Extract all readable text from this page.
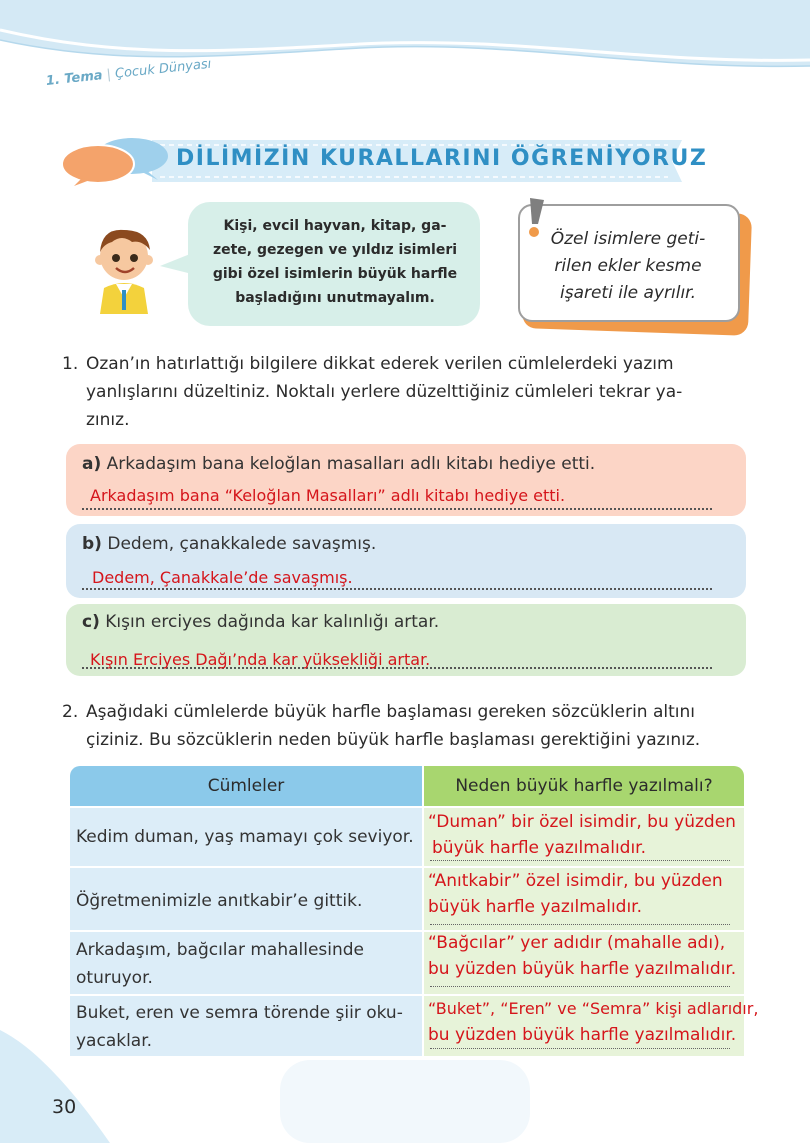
1. Tema | Çocuk Dünyası
DİLİMİZİN KURALLARINI ÖĞRENİYORUZ
Kişi, evcil hayvan, kitap, ga-
zete, gezegen ve yıldız isimleri
gibi özel isimlerin büyük harfle
başladığını unutmayalım.
Özel isimlere geti-
rilen ekler kesme
işareti ile ayrılır.
1. Ozan’ın hatırlattığı bilgilere dikkat ederek verilen cümlelerdeki yazım
yanlışlarını düzeltiniz. Noktalı yerlere düzelttiğiniz cümleleri tekrar ya-
zınız.
a) Arkadaşım bana keloğlan masalları adlı kitabı hediye etti.
Arkadaşım bana “Keloğlan Masalları” adlı kitabı hediye etti.
b) Dedem, çanakkalede savaşmış.
Dedem, Çanakkale’de savaşmış.
c) Kışın erciyes dağında kar kalınlığı artar.
Kışın Erciyes Dağı’nda kar yüksekliği artar.
2. Aşağıdaki cümlelerde büyük harfle başlaması gereken sözcüklerin altını
çiziniz. Bu sözcüklerin neden büyük harfle başlaması gerektiğini yazınız.
Cümleler	Neden büyük harfle yazılmalı?
Kedim duman, yaş mamayı çok seviyor.
“Duman” bir özel isimdir, bu yüzden
büyük harfle yazılmalıdır.
Öğretmenimizle anıtkabir’e gittik.
“Anıtkabir” özel isimdir, bu yüzden
büyük harfle yazılmalıdır.
Arkadaşım, bağcılar mahallesinde
oturuyor.
“Bağcılar” yer adıdır (mahalle adı),
bu yüzden büyük harfle yazılmalıdır.
Buket, eren ve semra törende şiir oku-
yacaklar.
“Buket”, “Eren” ve “Semra” kişi adlarıdır,
bu yüzden büyük harfle yazılmalıdır.
30
